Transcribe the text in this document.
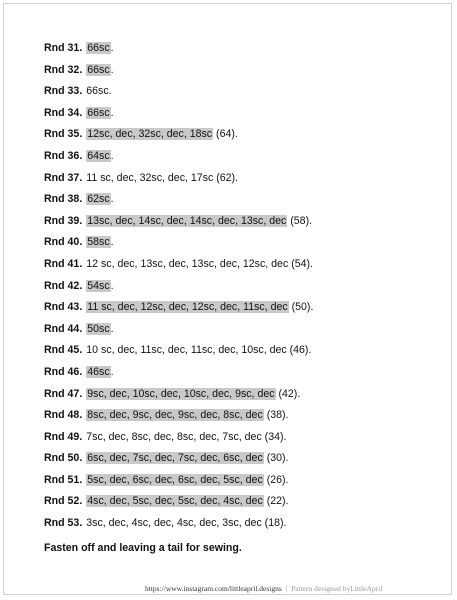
Rnd 31. 66sc.
Rnd 32. 66sc.
Rnd 33. 66sc.
Rnd 34. 66sc.
Rnd 35. 12sc, dec, 32sc, dec, 18sc (64).
Rnd 36. 64sc.
Rnd 37. 11 sc, dec, 32sc, dec, 17sc (62).
Rnd 38. 62sc.
Rnd 39. 13sc, dec, 14sc, dec, 14sc, dec, 13sc, dec (58).
Rnd 40. 58sc.
Rnd 41. 12 sc, dec, 13sc, dec, 13sc, dec, 12sc, dec (54).
Rnd 42. 54sc.
Rnd 43. 11 sc, dec, 12sc, dec, 12sc, dec, 11sc, dec (50).
Rnd 44. 50sc.
Rnd 45. 10 sc, dec, 11sc, dec, 11sc, dec, 10sc, dec (46).
Rnd 46. 46sc.
Rnd 47. 9sc, dec, 10sc, dec, 10sc, dec, 9sc, dec (42).
Rnd 48. 8sc, dec, 9sc, dec, 9sc, dec, 8sc, dec (38).
Rnd 49. 7sc, dec, 8sc, dec, 8sc, dec, 7sc, dec (34).
Rnd 50. 6sc, dec, 7sc, dec, 7sc, dec, 6sc, dec (30).
Rnd 51. 5sc, dec, 6sc, dec, 6sc, dec, 5sc, dec (26).
Rnd 52. 4sc, dec, 5sc, dec, 5sc, dec, 4sc, dec (22).
Rnd 53. 3sc, dec, 4sc, dec, 4sc, dec, 3sc, dec (18).

Fasten off and leaving a tail for sewing.

https://www.instagram.com/littleapril.designs | Pattern designed byLittleApril
